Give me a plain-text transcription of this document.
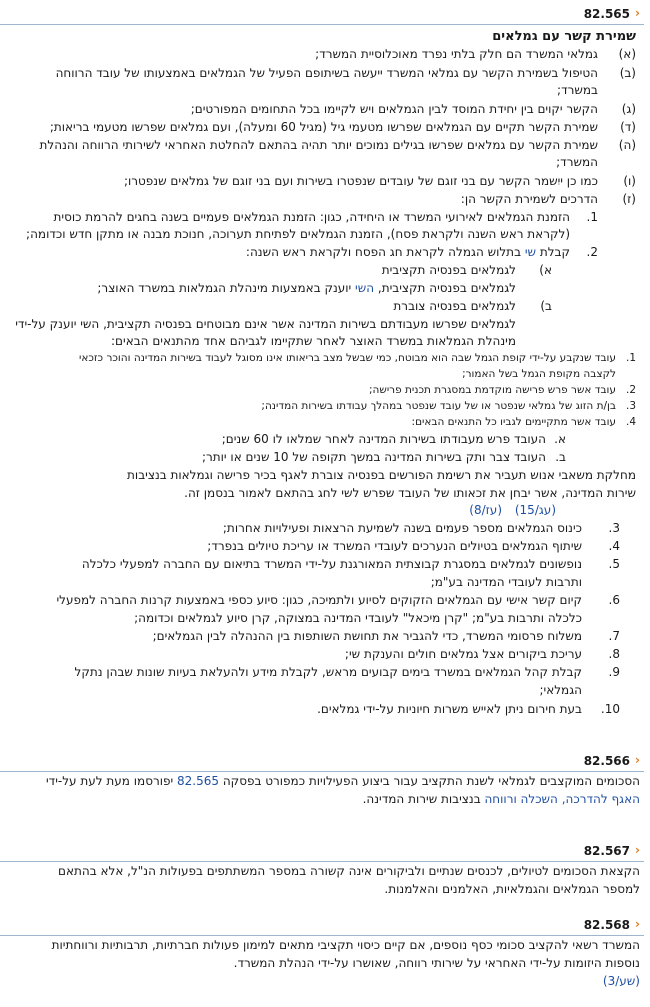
‹
82.565
שמירת קשר עם גמלאים
(א)
גמלאי המשרד הם חלק בלתי נפרד מאוכלוסיית המשרד;
(ב)
הטיפול בשמירת הקשר עם גמלאי המשרד ייעשה בשיתופם הפעיל של הגמלאים באמצעותו של עובד הרווחה
במשרד;
(ג)
הקשר יקוים בין יחידת המוסד לבין הגמלאים ויש לקיימו בכל התחומים המפורטים;
(ד)
שמירת הקשר תקיים עם הגמלאים שפרשו מטעמי גיל (מגיל 60 ומעלה), ועם גמלאים שפרשו מטעמי בריאות;
(ה)
שמירת הקשר עם גמלאים שפרשו בגילים נמוכים יותר תהיה בהתאם להחלטת האחראי לשירותי הרווחה והנהלת
המשרד;
(ו)
כמו כן ייִשמר הקשר עם בני זוגם של עובדים שנפטרו בשירות ועם בני זוגם של גמלאים שנפטרו;
(ז)
הדרכים לשמירת הקשר הן:
1.
הזמנת הגמלאים לאירועי המשרד או היחידה, כגון: הזמנת הגמלאים פעמיים בשנה בחגים להרמת כוסית
(לקראת ראש השנה ולקראת פסח), הזמנת הגמלאים לפתיחת תערוכה, חנוכת מבנה או מתקן חדש וכדומה;
2.
קבלת שי בתלוש הגמלה לקראת חג הפסח ולקראת ראש השנה:
א)
לגמלאים בפנסיה תקציבית
לגמלאים בפנסיה תקציבית, השי יוענק באמצעות מינהלת הגמלאות במשרד האוצר;
ב)
לגמלאים בפנסיה צוברת
לגמלאים שפרשו מעבודתם בשירות המדינה אשר אינם מבוטחים בפנסיה תקציבית, השי יוענק על-ידי
מינהלת הגמלאות במשרד האוצר לאחר שתקיימו לגביהם אחד מהתנאים הבאים:
1.
עובד שנקבע על-ידי קופת הגמל שבה הוא מבוטח, כמי שבשל מצב בריאותו אינו מסוגל לעבוד בשירות המדינה והוכר כזכאי
לקצבה מקופת הגמל בשל האמור;
2.
עובד אשר פרש פרישה מוקדמת במסגרת תכנית פרישה;
3.
בן/ת הזוג של גמלאי שנפטר או של עובד שנפטר במהלך עבודתו בשירות המדינה;
4.
עובד אשר מתקיימים לגביו כל התנאים הבאים:
א.
העובד פרש מעבודתו בשירות המדינה לאחר שמלאו לו 60 שנים;
ב.
העובד צבר ותק בשירות המדינה במשך תקופה של 10 שנים או יותר;
מחלקת משאבי אנוש תעביר את רשימת הפורשים בפנסיה צוברת לאגף בכיר פרישה וגמלאות בנציבות
שירות המדינה, אשר יבחן את זכאותו של העובד שפרש לשי לחג בהתאם לאמור בנסמן זה.
(עג/15)
(עז/8)
3.
כינוס הגמלאים מספר פעמים בשנה לשמיעת הרצאות ופעילויות אחרות;
4.
שיתוף הגמלאים בטיולים הנערכים לעובדי המשרד או עריכת טיולים בנפרד;
5.
נופשונים לגמלאים במסגרת קבוצתית המאורגנת על-ידי המשרד בתיאום עם החברה למפעלי כלכלה
ותרבות לעובדי המדינה בע"מ;
6.
קיום קשר אישי עם הגמלאים הזקוקים לסיוע ולתמיכה, כגון: סיוע כספי באמצעות קרנות החברה למפעלי
כלכלה ותרבות בע"מ; "קרן מיכאל" לעובדי המדינה במצוקה, קרן סיוע לגמלאים וכדומה;
7.
משלוח פרסומי המשרד, כדי להגביר את תחושת השותפות בין ההנהלה לבין הגמלאים;
8.
עריכת ביקורים אצל גמלאים חולים והענקת שי;
9.
קבלת קהל הגמלאים במשרד בימים קבועים מראש, לקבלת מידע ולהעלאת בעיות שונות שבהן נתקל
הגמלאי;
10.
בעת חירום ניתן לאייש משרות חיוניות על-ידי גמלאים.
‹
82.566
הסכומים המוקצבים לגמלאי לשנת התקציב עבור ביצוע הפעילויות כמפורט בפסקה 82.565 יפורסמו מעת לעת על-ידי
האגף להדרכה, השכלה ורווחה בנציבות שירות המדינה.
‹
82.567
הקצאת הסכומים לטיולים, לכנסים שנתיים ולביקורים אינה קשורה במספר המשתתפים בפעולות הנ"ל, אלא בהתאם
למספר הגמלאים והגמלאיות, האלמנים והאלמנות.
‹
82.568
המשרד רשאי להקציב סכומי כסף נוספים, אם קיים כיסוי תקציבי מתאים למימון פעולות חברתיות, תרבותיות ורווחתיות
נוספות היזומות על-ידי האחראי על שירותי רווחה, שאושרו על-ידי הנהלת המשרד.
(שע/3)
